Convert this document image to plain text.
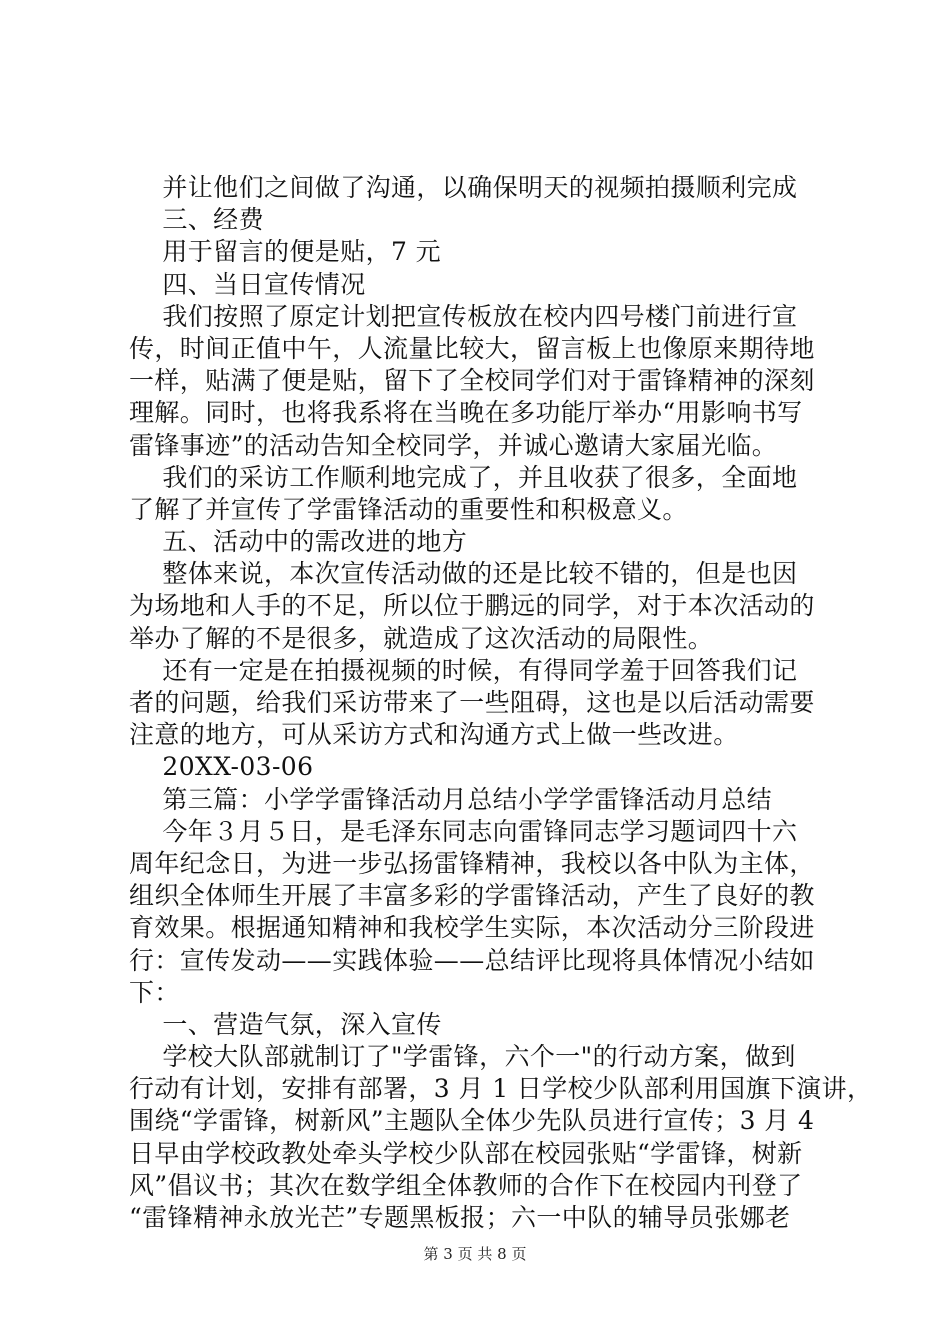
并让他们之间做了沟通，以确保明天的视频拍摄顺利完成
三、经费
用于留言的便是贴，7 元
四、当日宣传情况
我们按照了原定计划把宣传板放在校内四号楼门前进行宣
传，时间正值中午，人流量比较大，留言板上也像原来期待地
一样，贴满了便是贴，留下了全校同学们对于雷锋精神的深刻
理解。同时，也将我系将在当晚在多功能厅举办“用影响书写
雷锋事迹”的活动告知全校同学，并诚心邀请大家届光临。
我们的采访工作顺利地完成了，并且收获了很多，全面地
了解了并宣传了学雷锋活动的重要性和积极意义。
五、活动中的需改进的地方
整体来说，本次宣传活动做的还是比较不错的，但是也因
为场地和人手的不足，所以位于鹏远的同学，对于本次活动的
举办了解的不是很多，就造成了这次活动的局限性。
还有一定是在拍摄视频的时候，有得同学羞于回答我们记
者的问题，给我们采访带来了一些阻碍，这也是以后活动需要
注意的地方，可从采访方式和沟通方式上做一些改进。
20XX-03-06
第三篇：小学学雷锋活动月总结小学学雷锋活动月总结
今年３月５日，是毛泽东同志向雷锋同志学习题词四十六
周年纪念日，为进一步弘扬雷锋精神，我校以各中队为主体，
组织全体师生开展了丰富多彩的学雷锋活动，产生了良好的教
育效果。根据通知精神和我校学生实际，本次活动分三阶段进
行：宣传发动——实践体验——总结评比现将具体情况小结如
下：
一、营造气氛，深入宣传
学校大队部就制订了"学雷锋，六个一"的行动方案，做到
行动有计划，安排有部署，3 月 1 日学校少队部利用国旗下演讲，
围绕“学雷锋，树新风”主题队全体少先队员进行宣传；3 月 4
日早由学校政教处牵头学校少队部在校园张贴“学雷锋，树新
风”倡议书；其次在数学组全体教师的合作下在校园内刊登了
“雷锋精神永放光芒”专题黑板报；六一中队的辅导员张娜老
第 3 页 共 8 页
